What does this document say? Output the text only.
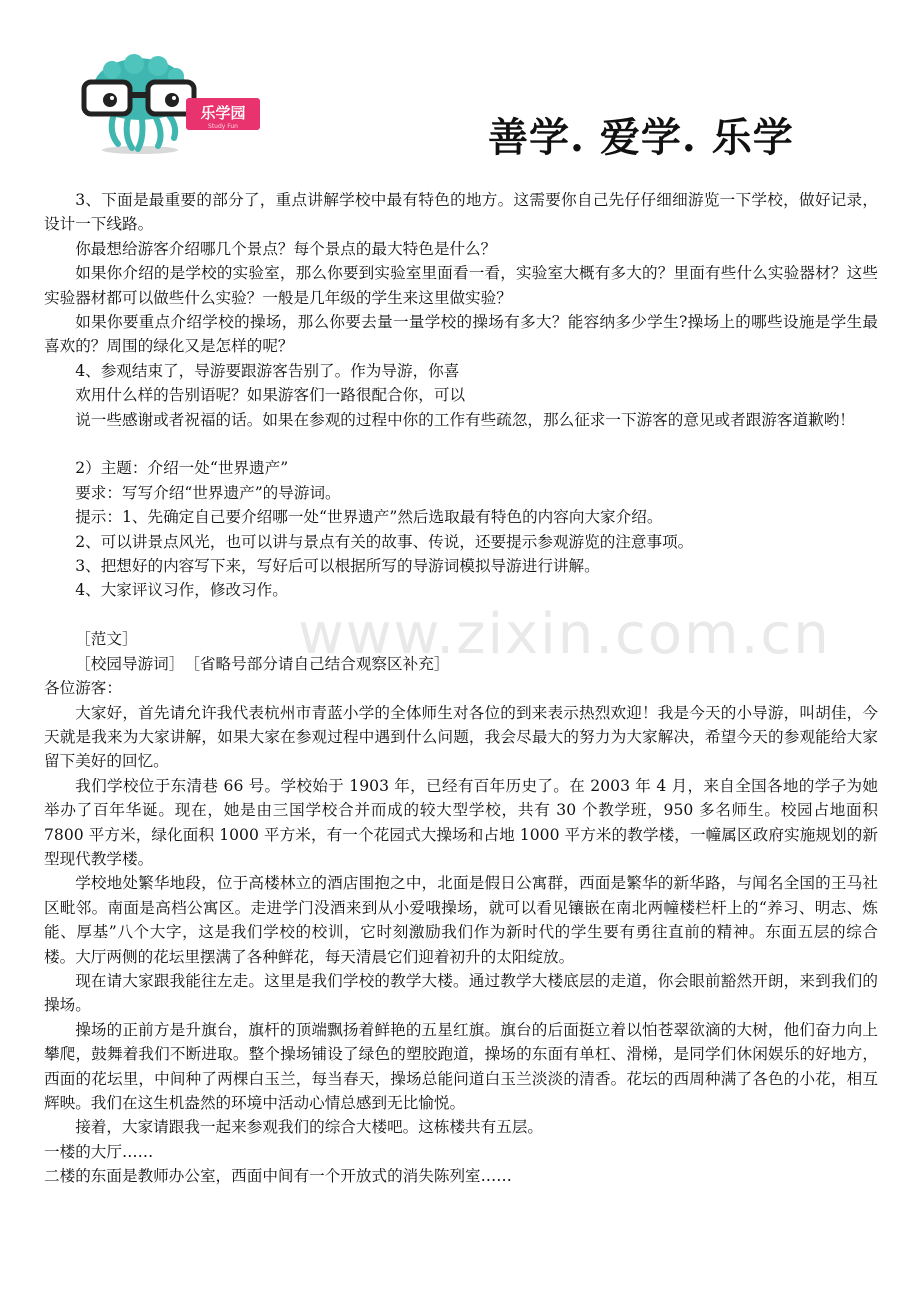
乐学园
Study Fun	善学. 爱学. 乐学
www.zixin.com.cn

3、下面是最重要的部分了，重点讲解学校中最有特色的地方。这需要你自己先仔仔细细游览一下学校，做好记录，设计一下线路。

你最想给游客介绍哪几个景点？每个景点的最大特色是什么？

如果你介绍的是学校的实验室，那么你要到实验室里面看一看，实验室大概有多大的？里面有些什么实验器材？这些实验器材都可以做些什么实验？一般是几年级的学生来这里做实验？

如果你要重点介绍学校的操场，那么你要去量一量学校的操场有多大？能容纳多少学生?操场上的哪些设施是学生最喜欢的？周围的绿化又是怎样的呢？

4、参观结束了，导游要跟游客告别了。作为导游，你喜

欢用什么样的告别语呢？如果游客们一路很配合你，可以

说一些感谢或者祝福的话。如果在参观的过程中你的工作有些疏忽，那么征求一下游客的意见或者跟游客道歉哟！

2）主题：介绍一处“世界遗产”

要求：写写介绍“世界遗产”的导游词。

提示：1、先确定自己要介绍哪一处“世界遗产”然后选取最有特色的内容向大家介绍。

2、可以讲景点风光，也可以讲与景点有关的故事、传说，还要提示参观游览的注意事项。

3、把想好的内容写下来，写好后可以根据所写的导游词模拟导游进行讲解。

4、大家评议习作，修改习作。

［范文］

［校园导游词］　［省略号部分请自己结合观察区补充］

各位游客：

大家好，首先请允许我代表杭州市青蓝小学的全体师生对各位的到来表示热烈欢迎！我是今天的小导游，叫胡佳，今天就是我来为大家讲解，如果大家在参观过程中遇到什么问题，我会尽最大的努力为大家解决，希望今天的参观能给大家留下美好的回忆。

我们学校位于东清巷 66 号。学校始于 1903 年，已经有百年历史了。在 2003 年 4 月，来自全国各地的学子为她举办了百年华诞。现在，她是由三国学校合并而成的较大型学校，共有 30 个教学班，950 多名师生。校园占地面积 7800 平方米，绿化面积 1000 平方米，有一个花园式大操场和占地 1000 平方米的教学楼，一幢属区政府实施规划的新型现代教学楼。

学校地处繁华地段，位于高楼林立的酒店围抱之中，北面是假日公寓群，西面是繁华的新华路，与闻名全国的王马社区毗邻。南面是高档公寓区。走进学门没酒来到从小爱哦操场，就可以看见镶嵌在南北两幢楼栏杆上的“养习、明志、炼能、厚基”八个大字，这是我们学校的校训，它时刻激励我们作为新时代的学生要有勇往直前的精神。东面五层的综合楼。大厅两侧的花坛里摆满了各种鲜花，每天清晨它们迎着初升的太阳绽放。

现在请大家跟我能往左走。这里是我们学校的教学大楼。通过教学大楼底层的走道，你会眼前豁然开朗，来到我们的操场。

操场的正前方是升旗台，旗杆的顶端飘扬着鲜艳的五星红旗。旗台的后面挺立着以怕苍翠欲滴的大树，他们奋力向上攀爬，鼓舞着我们不断进取。整个操场铺设了绿色的塑胶跑道，操场的东面有单杠、滑梯，是同学们休闲娱乐的好地方，西面的花坛里，中间种了两棵白玉兰，每当春天，操场总能问道白玉兰淡淡的清香。花坛的西周种满了各色的小花，相互辉映。我们在这生机盎然的环境中活动心情总感到无比愉悦。

接着，大家请跟我一起来参观我们的综合大楼吧。这栋楼共有五层。

一楼的大厅……

二楼的东面是教师办公室，西面中间有一个开放式的消失陈列室……
